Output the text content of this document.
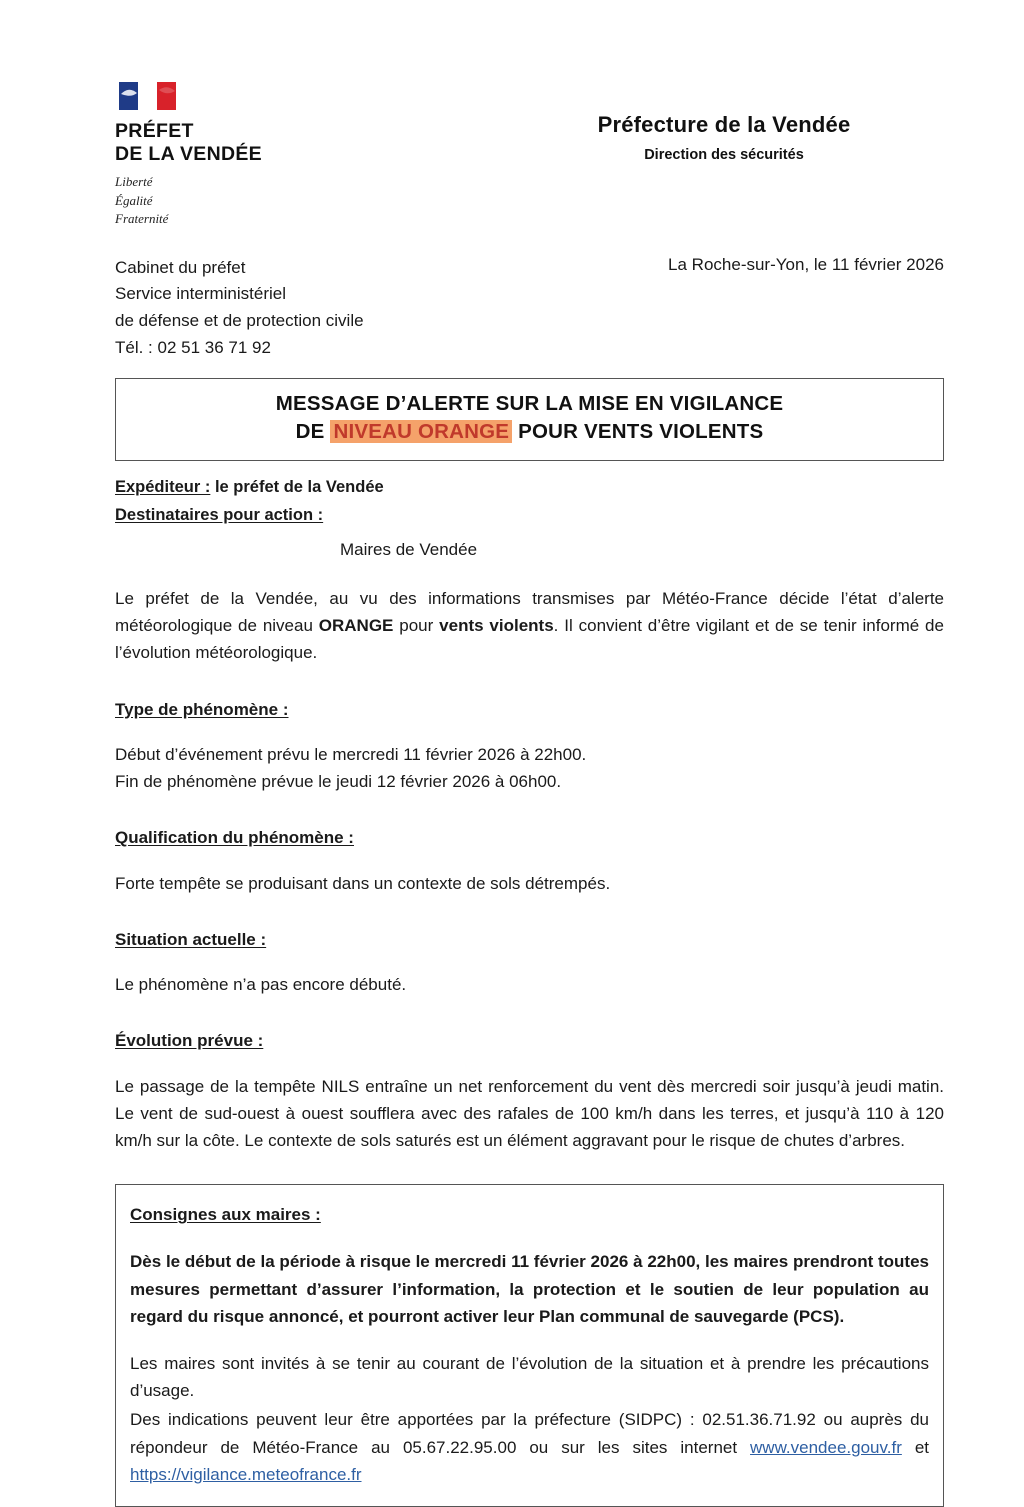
PRÉFET
DE LA VENDÉE
Liberté
Égalité
Fraternité
Préfecture de la Vendée
Direction des sécurités
Cabinet du préfet
Service interministériel
de défense et de protection civile
Tél. : 02 51 36 71 92
La Roche-sur-Yon, le 11 février 2026
MESSAGE D’ALERTE SUR LA MISE EN VIGILANCE
DE NIVEAU ORANGE POUR VENTS VIOLENTS
Expéditeur : le préfet de la Vendée
Destinataires pour action :
Maires de Vendée

Le préfet de la Vendée, au vu des informations transmises par Météo-France décide l’état d’alerte météorologique de niveau ORANGE pour vents violents. Il convient d’être vigilant et de se tenir informé de l’évolution météorologique.

Type de phénomène :
Début d’événement prévu le mercredi 11 février 2026 à 22h00.
Fin de phénomène prévue le jeudi 12 février 2026 à 06h00.
Qualification du phénomène :
Forte tempête se produisant dans un contexte de sols détrempés.
Situation actuelle :
Le phénomène n’a pas encore débuté.
Évolution prévue :
Le passage de la tempête NILS entraîne un net renforcement du vent dès mercredi soir jusqu’à jeudi matin. Le vent de sud-ouest à ouest soufflera avec des rafales de 100 km/h dans les terres, et jusqu’à 110 à 120 km/h sur la côte. Le contexte de sols saturés est un élément aggravant pour le risque de chutes d’arbres.
Consignes aux maires :
Dès le début de la période à risque le mercredi 11 février 2026 à 22h00, les maires prendront toutes mesures permettant d’assurer l’information, la protection et le soutien de leur population au regard du risque annoncé, et pourront activer leur Plan communal de sauvegarde (PCS).
Les maires sont invités à se tenir au courant de l’évolution de la situation et à prendre les précautions d’usage.
Des indications peuvent leur être apportées par la préfecture (SIDPC) : 02.51.36.71.92 ou auprès du répondeur de Météo-France au 05.67.22.95.00 ou sur les sites internet www.vendee.gouv.fr et https://vigilance.meteofrance.fr
